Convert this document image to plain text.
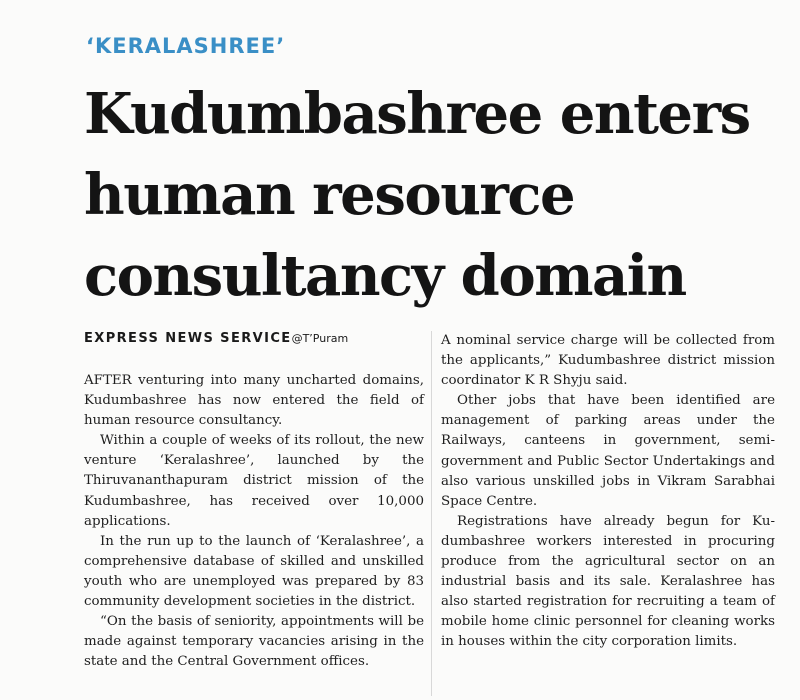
‘KERALASHREE’
Kudumbashree enters
human resource
consultancy domain
EXPRESS NEWS SERVICE@T’Puram

AFTER venturing into many uncharted domains, Kudumbashree has now entered the field of human resource consultancy.

Within a couple of weeks of its rollout, the new venture ‘Keralashree’, launched by the Thiruvananthapuram district mission of the Kudumbashree, has received over 10,000 applications.

In the run up to the launch of ‘Keralashree’, a comprehensive database of skilled and unskilled youth who are unemployed was prepared by 83 community development societies in the district.

“On the basis of seniority, appointments will be made against temporary vacancies arising in the state and the Central Government offices.

A nominal service charge will be collected from the applicants,” Kudumbashree district mission coordinator K R Shyju said.

Other jobs that have been identified are management of parking areas under the Railways, canteens in government, semi-government and Public Sector Undertakings and also various unskilled jobs in Vikram Sarabhai Space Centre.

Registrations have already begun for Kudumbashree workers interested in procuring produce from the agricultural sector on an industrial basis and its sale. Keralashree has also started registration for recruiting a team of mobile home clinic personnel for cleaning works in houses within the city corporation limits.
